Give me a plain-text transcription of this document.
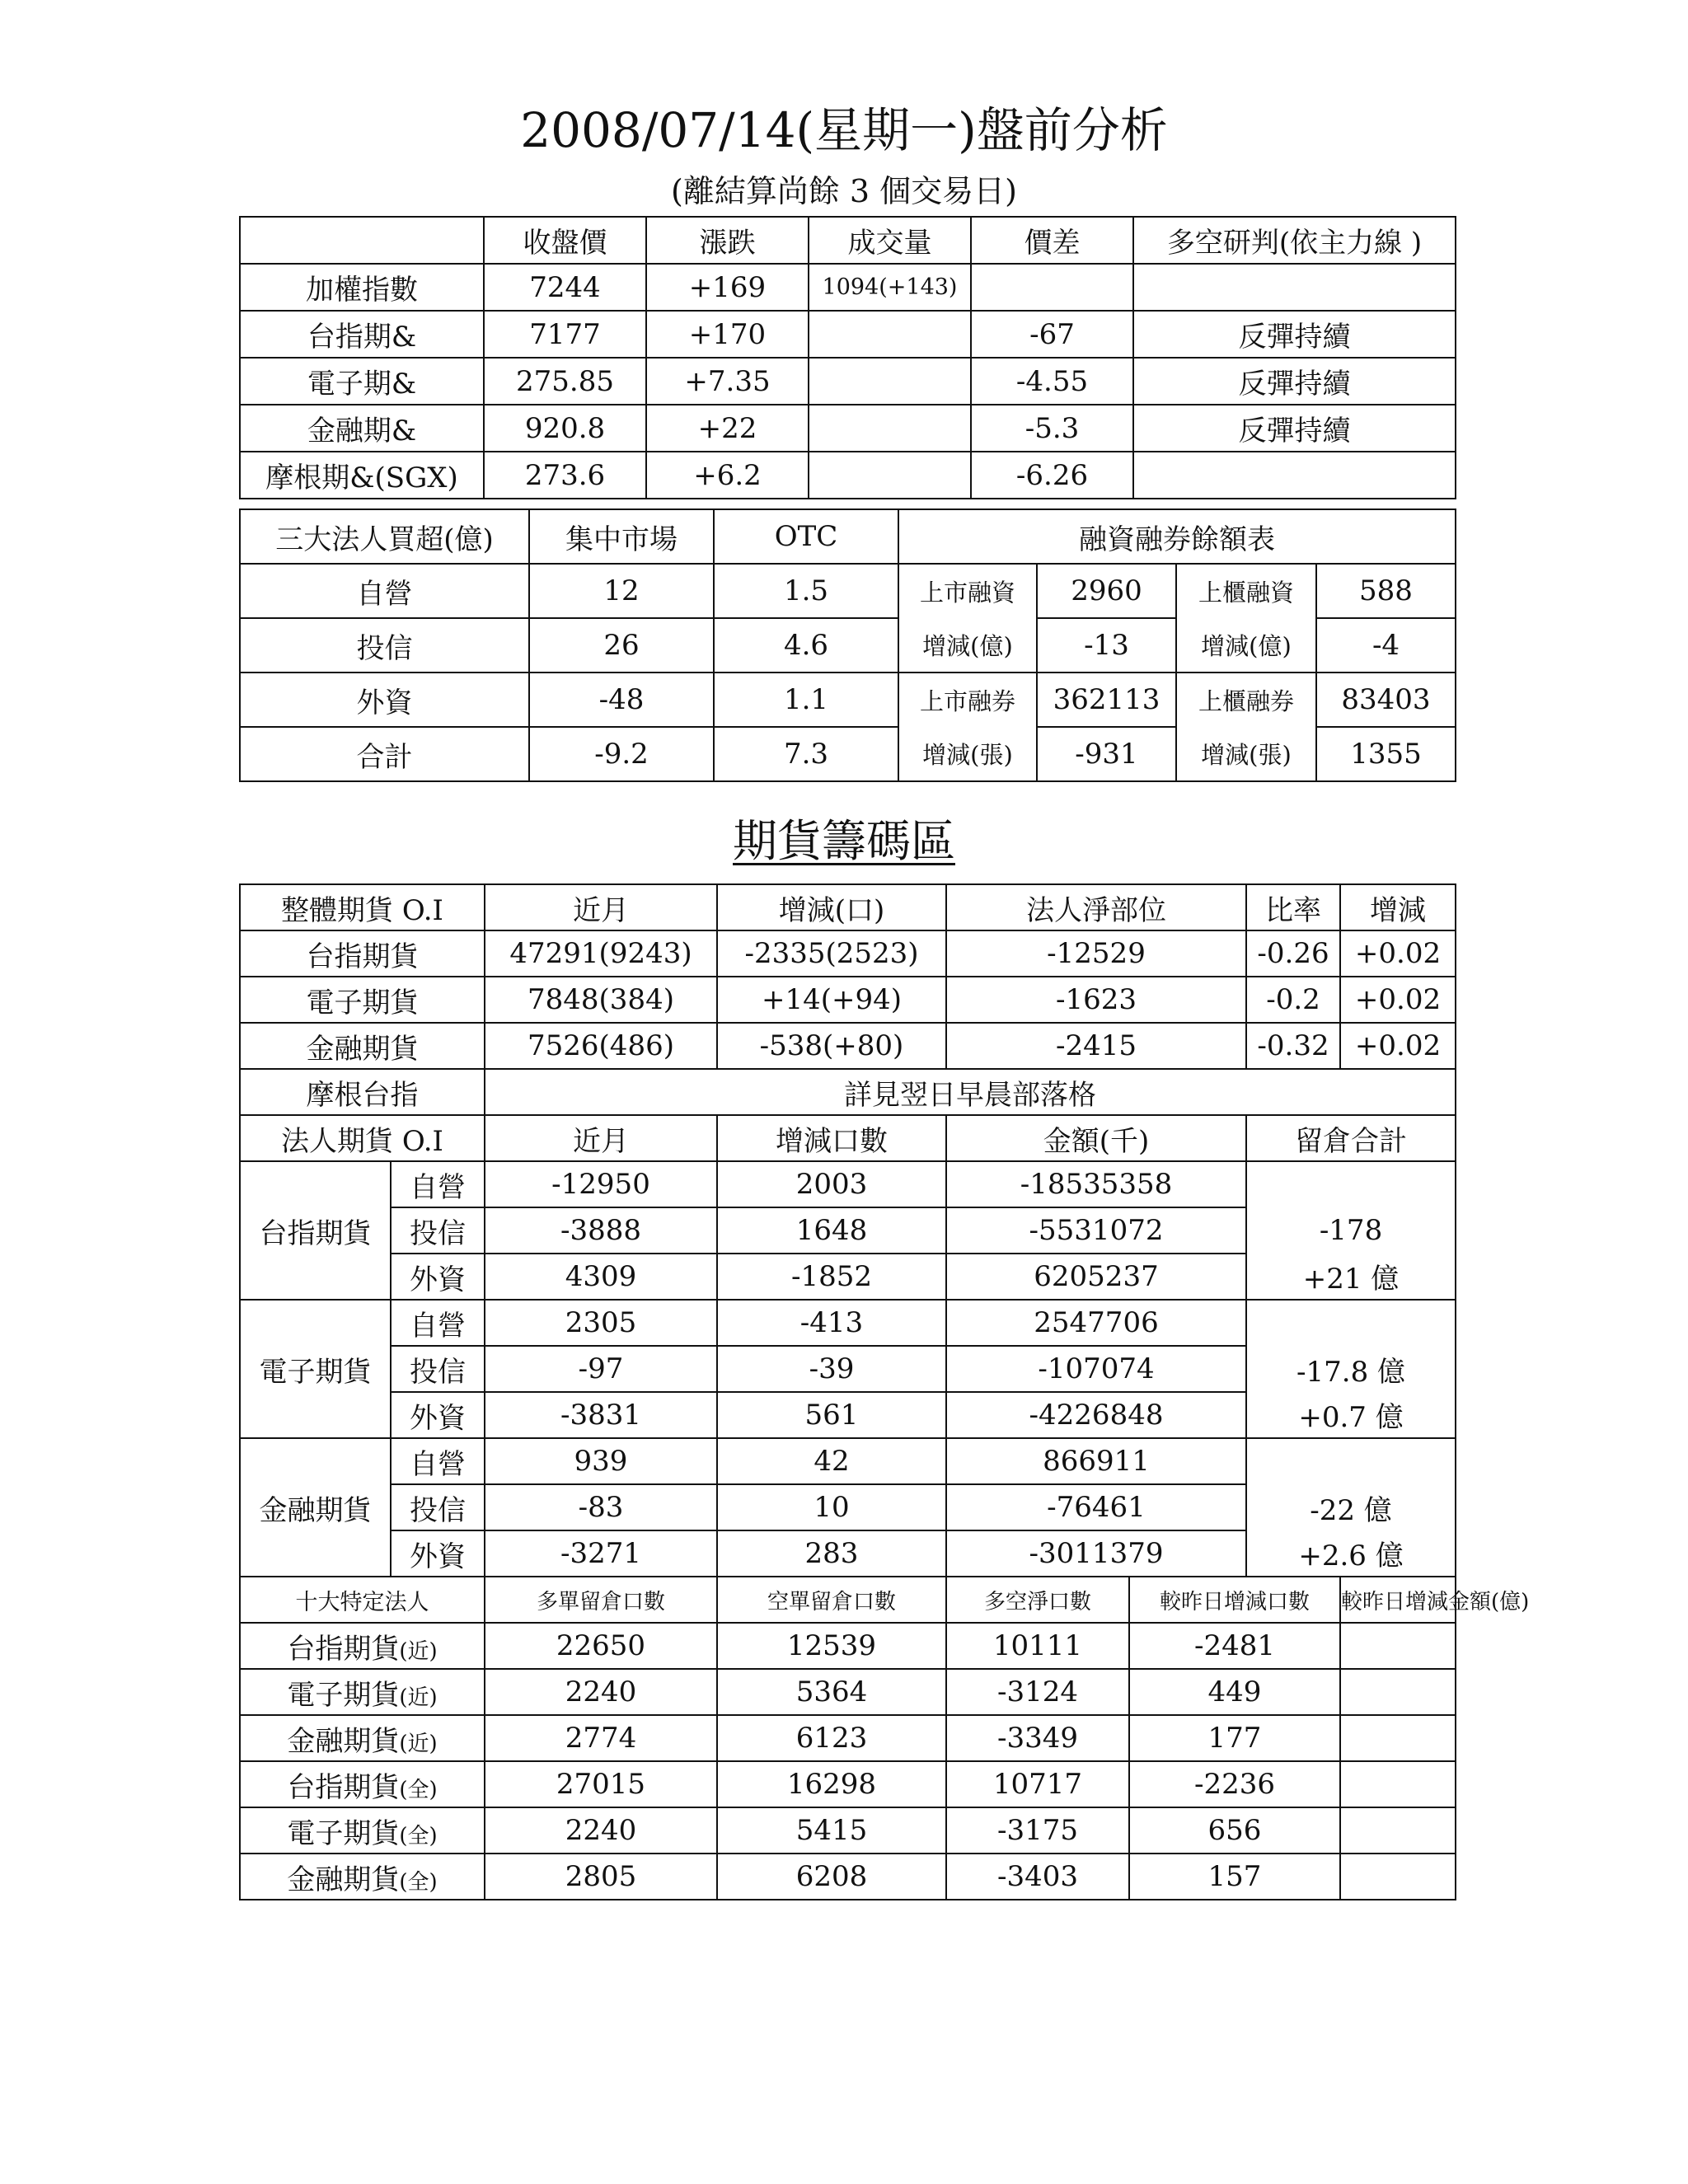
2008/07/14(星期一)盤前分析
(離結算尚餘 3 個交易日)
	收盤價	漲跌	成交量	價差	多空研判(依主力線 )
加權指數	7244	+169	1094(+143)		
台指期&	7177	+170		-67	反彈持續
電子期&	275.85	+7.35		-4.55	反彈持續
金融期&	920.8	+22		-5.3	反彈持續
摩根期&(SGX)	273.6	+6.2		-6.26	
三大法人買超(億)	集中市場	OTC	融資融券餘額表			
自營	12	1.5	上市融資	2960	上櫃融資	588
投信	26	4.6	增減(億)	-13	增減(億)	-4
外資	-48	1.1	上市融券	362113	上櫃融券	83403
合計	-9.2	7.3	增減(張)	-931	增減(張)	1355
期貨籌碼區
整體期貨 O.I		近月	增減(口)	法人淨部位		比率	增減
台指期貨		47291(9243)	-2335(2523)	-12529		-0.26	+0.02
電子期貨		7848(384)	+14(+94)	-1623		-0.2	+0.02
金融期貨		7526(486)	-538(+80)	-2415		-0.32	+0.02
摩根台指		詳見翌日早晨部落格					
法人期貨 O.I		近月	增減口數	金額(千)		留倉合計	
台指期貨	自營	-12950	2003	-18535358			
	投信	-3888	1648	-5531072		-178	
	外資	4309	-1852	6205237		+21 億	
電子期貨	自營	2305	-413	2547706			
	投信	-97	-39	-107074		-17.8 億	
	外資	-3831	561	-4226848		+0.7 億	
金融期貨	自營	939	42	866911			
	投信	-83	10	-76461		-22 億	
	外資	-3271	283	-3011379		+2.6 億	
十大特定法人		多單留倉口數	空單留倉口數	多空淨口數	較昨日增減口數		較昨日增減金額(億)
台指期貨(近)		22650	12539	10111	-2481		
電子期貨(近)		2240	5364	-3124	449		
金融期貨(近)		2774	6123	-3349	177		
台指期貨(全)		27015	16298	10717	-2236		
電子期貨(全)		2240	5415	-3175	656		
金融期貨(全)		2805	6208	-3403	157		
